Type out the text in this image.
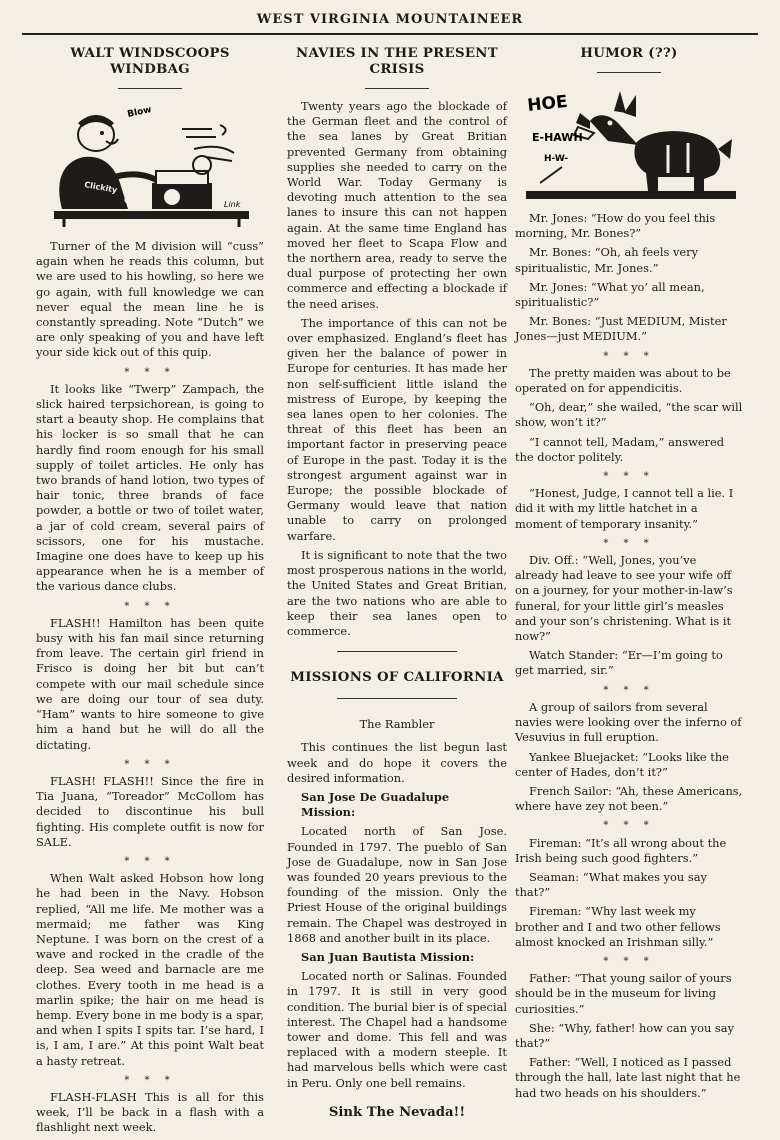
WEST VIRGINIA MOUNTAINEER
WALT WINDSCOOPS WINDBAG
Blow
Clickity
Click	Link

Turner of the M division will “cuss” again when he reads this column, but we are used to his howling, so here we go again, with full knowledge we can never equal the mean line he is constantly spreading. Note “Dutch” we are only speaking of you and have left your side kick out of this quip.

* * *

It looks like “Twerp” Zampach, the slick haired terpsichorean, is going to start a beauty shop. He complains that his locker is so small that he can hardly find room enough for his small supply of toilet articles. He only has two brands of hand lotion, two types of hair tonic, three brands of face powder, a bottle or two of toilet water, a jar of cold cream, several pairs of scissors, one for his mustache. Imagine one does have to keep up his appearance when he is a member of the various dance clubs.

* * *

FLASH!! Hamilton has been quite busy with his fan mail since returning from leave. The certain girl friend in Frisco is doing her bit but can’t compete with our mail schedule since we are doing our tour of sea duty. “Ham” wants to hire someone to give him a hand but he will do all the dictating.

* * *

FLASH! FLASH!! Since the fire in Tia Juana, “Toreador” McCollom has decided to discontinue his bull fighting. His complete outfit is now for SALE.

* * *

When Walt asked Hobson how long he had been in the Navy. Hobson replied, “All me life. Me mother was a mermaid; me father was King Neptune. I was born on the crest of a wave and rocked in the cradle of the deep. Sea weed and barnacle are me clothes. Every tooth in me head is a marlin spike; the hair on me head is hemp. Every bone in me body is a spar, and when I spits I spits tar. I’se hard, I is, I am, I are.” At this point Walt beat a hasty retreat.

* * *

FLASH-FLASH This is all for this week, I’ll be back in a flash with a flashlight next week.

NAVIES IN THE PRESENT CRISIS

Twenty years ago the blockade of the German fleet and the control of the sea lanes by Great Britian prevented Germany from obtaining supplies she needed to carry on the World War. Today Germany is devoting much attention to the sea lanes to insure this can not happen again. At the same time England has moved her fleet to Scapa Flow and the northern area, ready to serve the dual purpose of protecting her own commerce and effecting a blockade if the need arises.

The importance of this can not be over emphasized. England’s fleet has given her the balance of power in Europe for centuries. It has made her non self-sufficient little island the mistress of Europe, by keeping the sea lanes open to her colonies. The threat of this fleet has been an important factor in preserving peace of Europe in the past. Today it is the strongest argument against war in Europe; the possible blockade of Germany would leave that nation unable to carry on prolonged warfare.

It is significant to note that the two most prosperous nations in the world, the United States and Great Britian, are the two nations who are able to keep their sea lanes open to commerce.

MISSIONS OF CALIFORNIA
The Rambler

This continues the list begun last week and do hope it covers the desired information.

San Jose De Guadalupe Mission:

Located north of San Jose. Founded in 1797. The pueblo of San Jose de Guadalupe, now in San Jose was founded 20 years previous to the founding of the mission. Only the Priest House of the original buildings remain. The Chapel was destroyed in 1868 and another built in its place.

San Juan Bautista Mission:

Located north or Salinas. Founded in 1797. It is still in very good condition. The burial bier is of special interest. The Chapel had a handsome tower and dome. This fell and was replaced with a modern steeple. It had marvelous bells which were cast in Peru. Only one bell remains.

Sink The Nevada!!
HUMOR (??)
HOE
E-HAWH
H-W-

Mr. Jones: “How do you feel this morning, Mr. Bones?”

Mr. Bones: “Oh, ah feels very spiritualistic, Mr. Jones.”

Mr. Jones: “What yo’ all mean, spiritualistic?”

Mr. Bones: “Just MEDIUM, Mister Jones—just MEDIUM.”

* * *

The pretty maiden was about to be operated on for appendicitis.

“Oh, dear,” she wailed, “the scar will show, won’t it?”

“I cannot tell, Madam,” answered the doctor politely.

* * *

“Honest, Judge, I cannot tell a lie. I did it with my little hatchet in a moment of temporary insanity.”

* * *

Div. Off.: “Well, Jones, you’ve already had leave to see your wife off on a journey, for your mother-in-law’s funeral, for your little girl’s measles and your son’s christening. What is it now?”

Watch Stander: “Er—I’m going to get married, sir.”

* * *

A group of sailors from several navies were looking over the inferno of Vesuvius in full eruption.

Yankee Bluejacket: “Looks like the center of Hades, don’t it?”

French Sailor: “Ah, these Americans, where have zey not been.”

* * *

Fireman: “It’s all wrong about the Irish being such good fighters.”

Seaman: “What makes you say that?”

Fireman: “Why last week my brother and I and two other fellows almost knocked an Irishman silly.”

* * *

Father: “That young sailor of yours should be in the museum for living curiosities.”

She: “Why, father! how can you say that?”

Father: “Well, I noticed as I passed through the hall, late last night that he had two heads on his shoulders.”
